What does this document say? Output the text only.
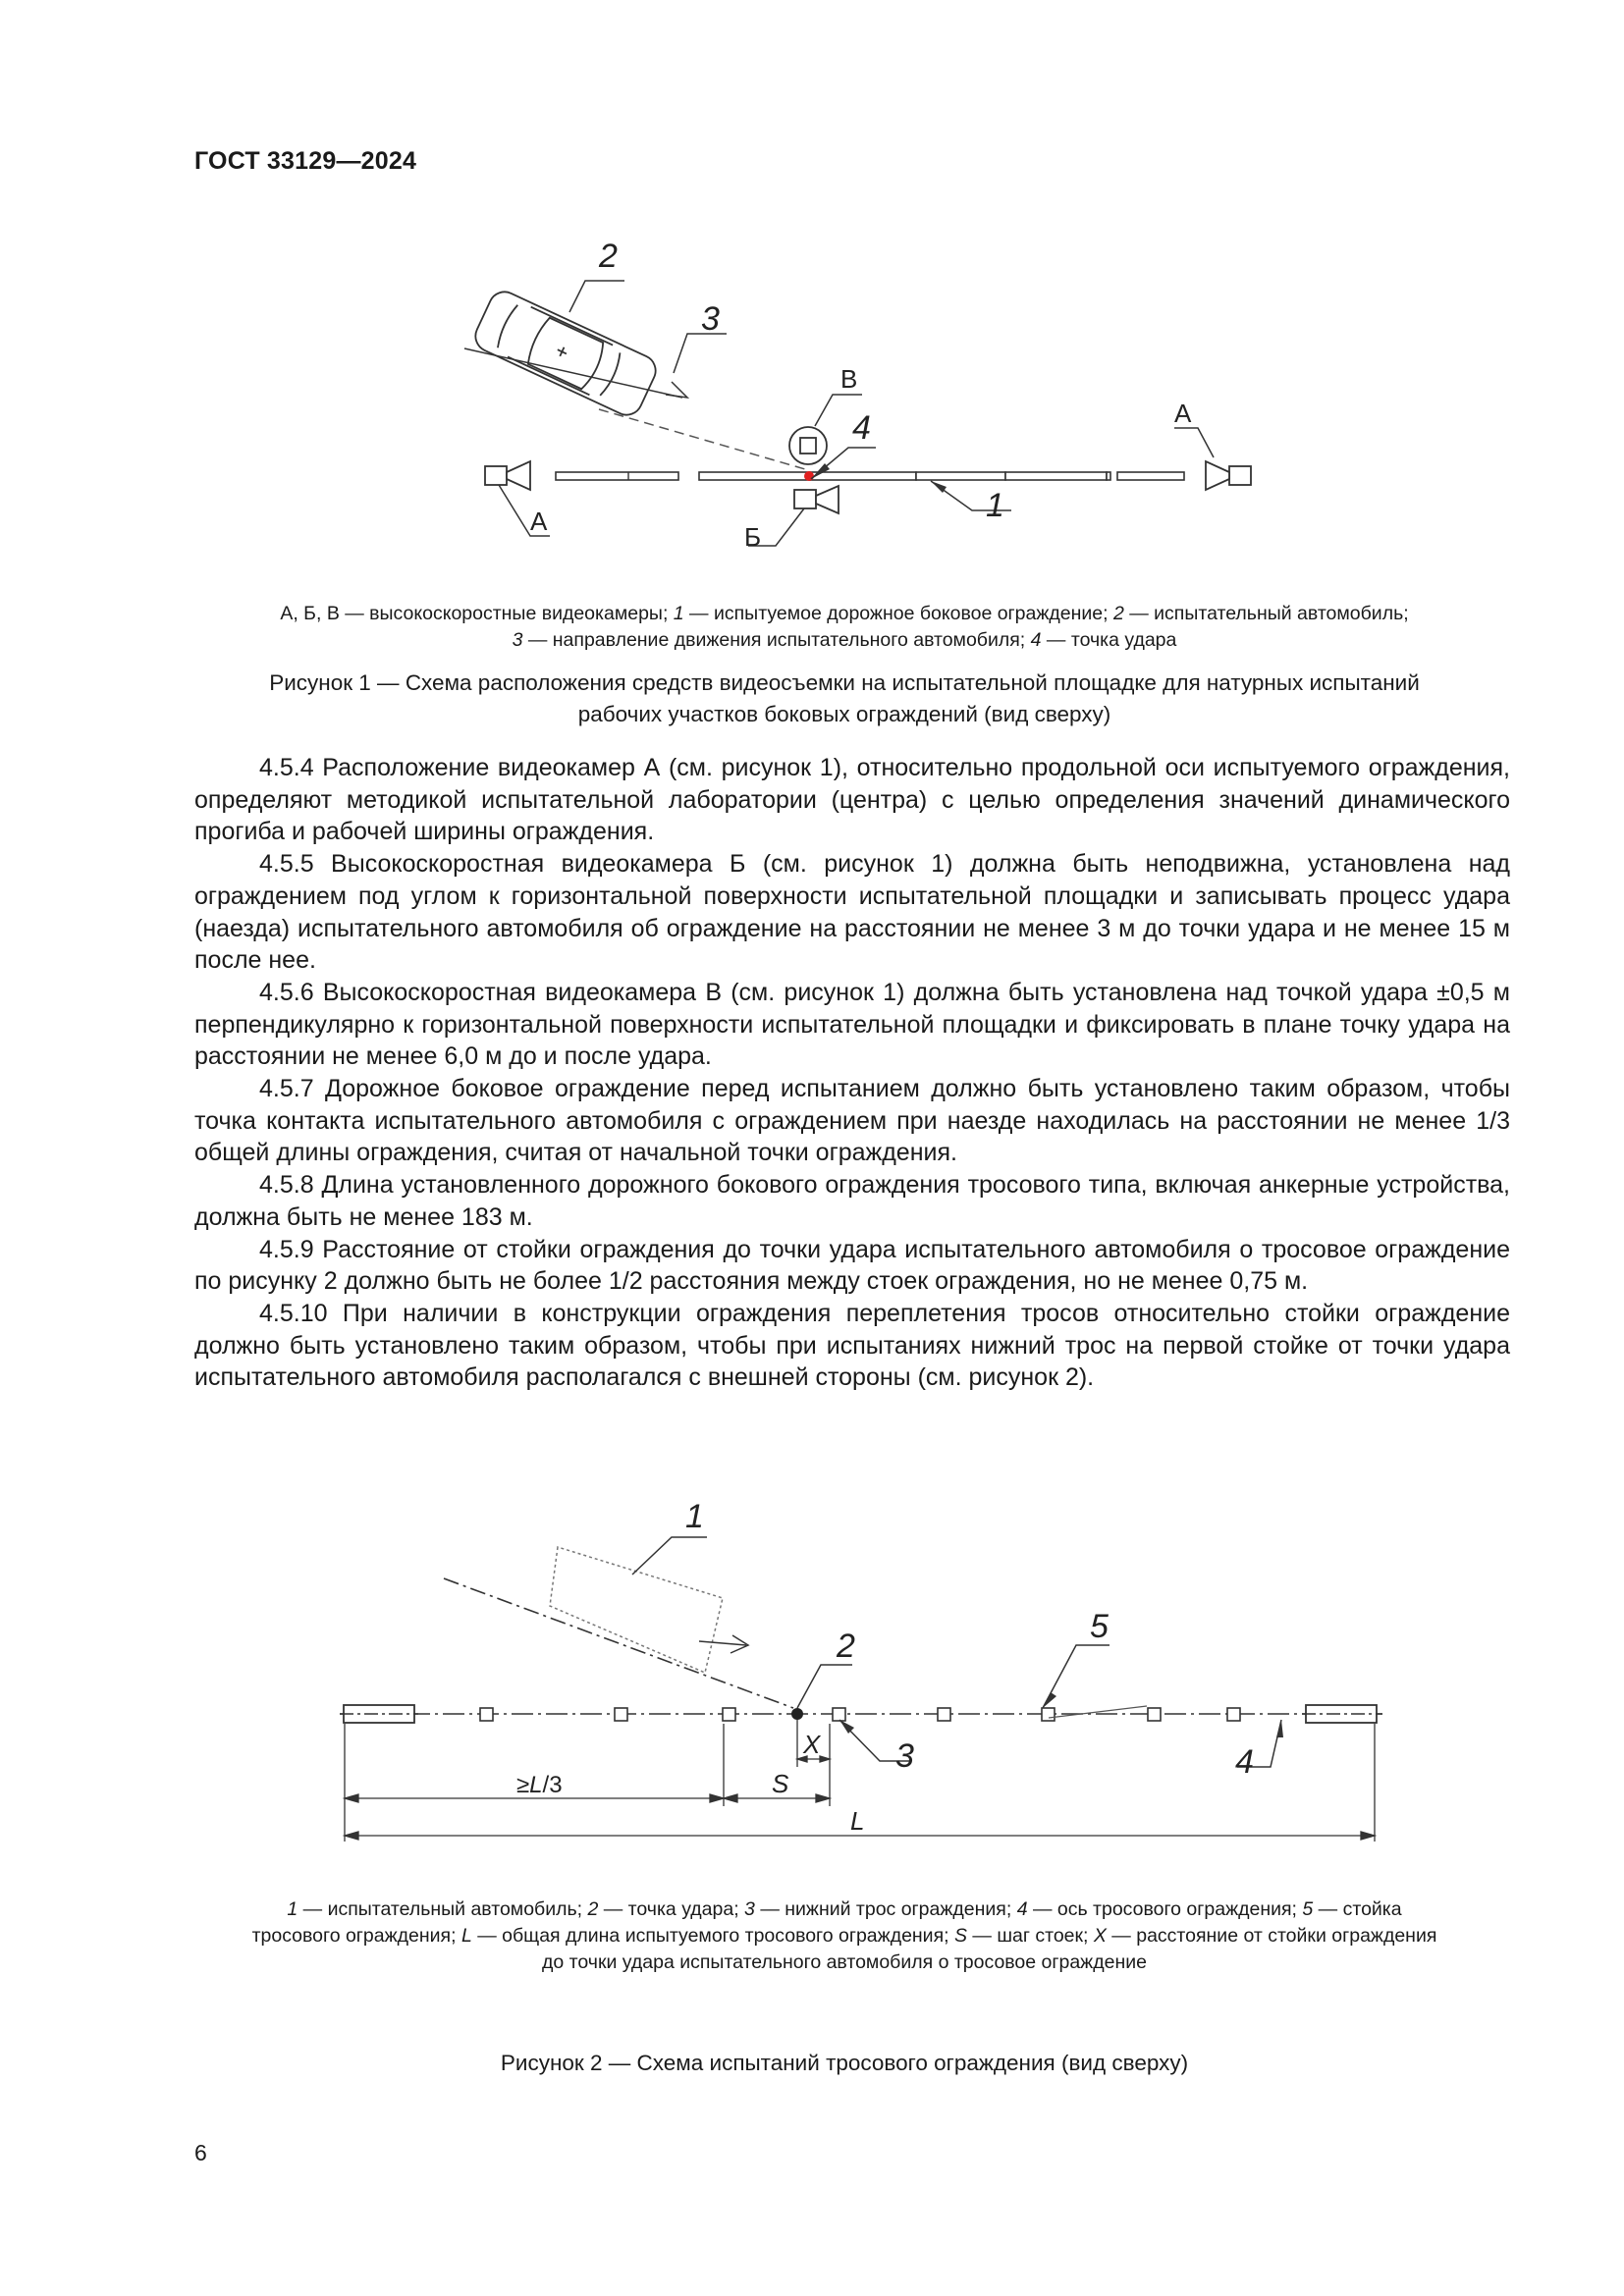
ГОСТ 33129—2024
2
3
В
4
Б
1
А
А
А, Б, В — высокоскоростные видеокамеры; 1 — испытуемое дорожное боковое ограждение; 2 — испытательный автомобиль;
3 — направление движения испытательного автомобиля; 4 — точка удара
Рисунок 1 — Схема расположения средств видеосъемки на испытательной площадке для натурных испытаний
рабочих участков боковых ограждений (вид сверху)

4.5.4 Расположение видеокамер А (см. рисунок 1), относительно продольной оси испытуемого ограждения, определяют методикой испытательной лаборатории (центра) с целью определения значений динамического прогиба и рабочей ширины ограждения.

4.5.5 Высокоскоростная видеокамера Б (см. рисунок 1) должна быть неподвижна, установлена над ограждением под углом к горизонтальной поверхности испытательной площадки и записывать процесс удара (наезда) испытательного автомобиля об ограждение на расстоянии не менее 3 м до точки удара и не менее 15 м после нее.

4.5.6 Высокоскоростная видеокамера В (см. рисунок 1) должна быть установлена над точкой удара ±0,5 м перпендикулярно к горизонтальной поверхности испытательной площадки и фиксировать в плане точку удара на расстоянии не менее 6,0 м до и после удара.

4.5.7 Дорожное боковое ограждение перед испытанием должно быть установлено таким образом, чтобы точка контакта испытательного автомобиля с ограждением при наезде находилась на расстоянии не менее 1/3 общей длины ограждения, считая от начальной точки ограждения.

4.5.8 Длина установленного дорожного бокового ограждения тросового типа, включая анкерные устройства, должна быть не менее 183 м.

4.5.9 Расстояние от стойки ограждения до точки удара испытательного автомобиля о тросовое ограждение по рисунку 2 должно быть не более 1/2 расстояния между стоек ограждения, но не менее 0,75 м.

4.5.10 При наличии в конструкции ограждения переплетения тросов относительно стойки ограждение должно быть установлено таким образом, чтобы при испытаниях нижний трос на первой стойке от точки удара испытательного автомобиля располагался с внешней стороны (см. рисунок 2).

1
2
3
5
4
≥L/3	S
X
L
1 — испытательный автомобиль; 2 — точка удара; 3 — нижний трос ограждения; 4 — ось тросового ограждения; 5 — стойка
тросового ограждения; L — общая длина испытуемого тросового ограждения; S — шаг стоек; X — расстояние от стойки ограждения
до точки удара испытательного автомобиля о тросовое ограждение
Рисунок 2 — Схема испытаний тросового ограждения (вид сверху)
6
